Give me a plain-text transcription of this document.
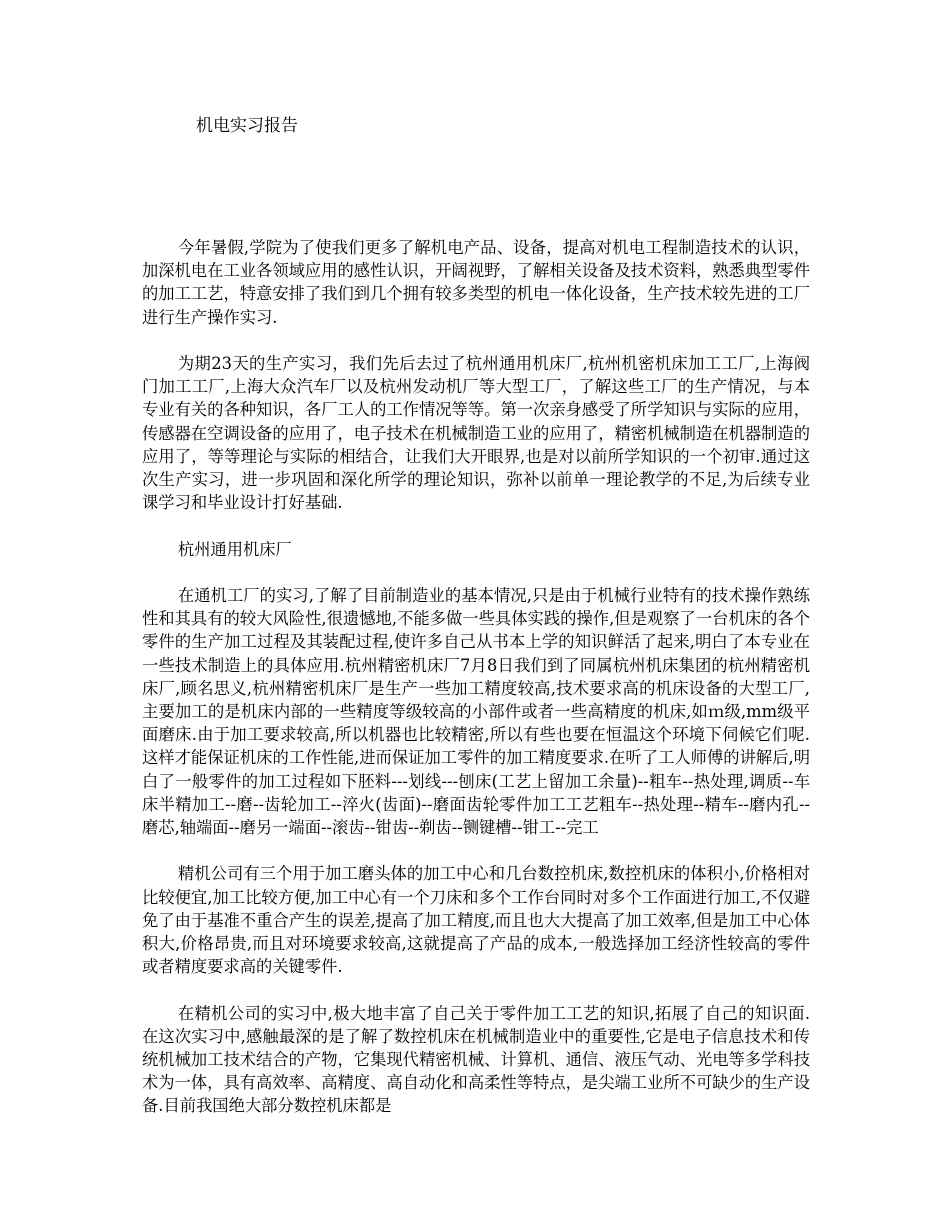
机电实习报告

今年暑假,学院为了使我们更多了解机电产品、设备，提高对机电工程制造技术的认识，加深机电在工业各领域应用的感性认识，开阔视野，了解相关设备及技术资料，熟悉典型零件的加工工艺，特意安排了我们到几个拥有较多类型的机电一体化设备，生产技术较先进的工厂进行生产操作实习.

为期23天的生产实习，我们先后去过了杭州通用机床厂,杭州机密机床加工工厂,上海阀门加工工厂,上海大众汽车厂以及杭州发动机厂等大型工厂，了解这些工厂的生产情况，与本专业有关的各种知识，各厂工人的工作情况等等。第一次亲身感受了所学知识与实际的应用，传感器在空调设备的应用了，电子技术在机械制造工业的应用了，精密机械制造在机器制造的应用了，等等理论与实际的相结合，让我们大开眼界,也是对以前所学知识的一个初审.通过这次生产实习，进一步巩固和深化所学的理论知识，弥补以前单一理论教学的不足,为后续专业课学习和毕业设计打好基础.

杭州通用机床厂

在通机工厂的实习,了解了目前制造业的基本情况,只是由于机械行业特有的技术操作熟练性和其具有的较大风险性,很遗憾地,不能多做一些具体实践的操作,但是观察了一台机床的各个零件的生产加工过程及其装配过程,使许多自己从书本上学的知识鲜活了起来,明白了本专业在一些技术制造上的具体应用.杭州精密机床厂7月8日我们到了同属杭州机床集团的杭州精密机床厂,顾名思义,杭州精密机床厂是生产一些加工精度较高,技术要求高的机床设备的大型工厂,主要加工的是机床内部的一些精度等级较高的小部件或者一些高精度的机床,如ｍ级,mm级平面磨床.由于加工要求较高,所以机器也比较精密,所以有些也要在恒温这个环境下伺候它们呢.这样才能保证机床的工作性能,进而保证加工零件的加工精度要求.在听了工人师傅的讲解后,明白了一般零件的加工过程如下胚料---划线---刨床(工艺上留加工余量)--粗车--热处理,调质--车床半精加工--磨--齿轮加工--淬火(齿面)--磨面齿轮零件加工工艺粗车--热处理--精车--磨内孔--磨芯,轴端面--磨另一端面--滚齿--钳齿--剃齿--铡键槽--钳工--完工

精机公司有三个用于加工磨头体的加工中心和几台数控机床,数控机床的体积小,价格相对比较便宜,加工比较方便,加工中心有一个刀床和多个工作台同时对多个工作面进行加工,不仅避免了由于基准不重合产生的误差,提高了加工精度,而且也大大提高了加工效率,但是加工中心体积大,价格昂贵,而且对环境要求较高,这就提高了产品的成本,一般选择加工经济性较高的零件或者精度要求高的关键零件.

在精机公司的实习中,极大地丰富了自己关于零件加工工艺的知识,拓展了自己的知识面.在这次实习中,感触最深的是了解了数控机床在机械制造业中的重要性,它是电子信息技术和传统机械加工技术结合的产物，它集现代精密机械、计算机、通信、液压气动、光电等多学科技术为一体，具有高效率、高精度、高自动化和高柔性等特点，是尖端工业所不可缺少的生产设备.目前我国绝大部分数控机床都是
